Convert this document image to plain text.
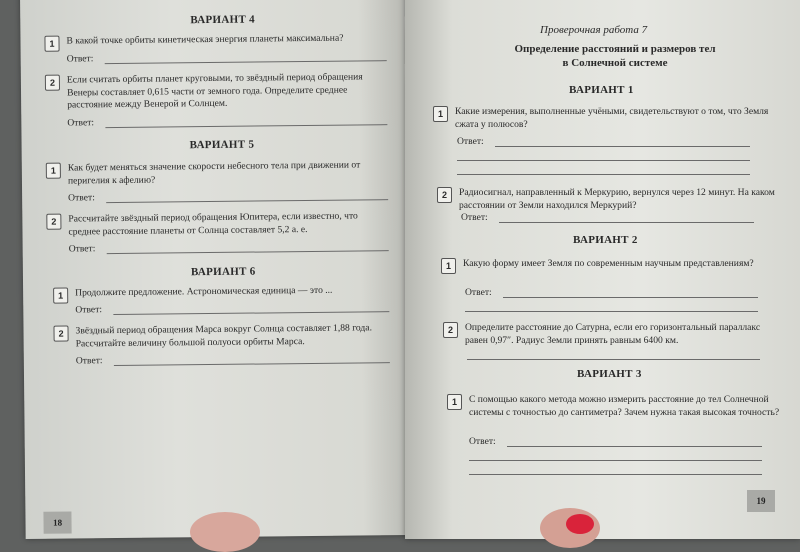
ВАРИАНТ 4
1	В какой точке орбиты кинетическая энергия планеты максимальна?
Ответ:
2	Если считать орбиты планет круговыми, то звёздный период обращения Венеры составляет 0,615 части от земного года. Определите среднее расстояние между Венерой и Солнцем.
Ответ:
ВАРИАНТ 5
1	Как будет меняться значение скорости небесного тела при движении от перигелия к афелию?
Ответ:
2	Рассчитайте звёздный период обращения Юпитера, если известно, что среднее расстояние планеты от Солнца составляет 5,2 а. е.
Ответ:
ВАРИАНТ 6
1	Продолжите предложение. Астрономическая единица — это ...
Ответ:
2	Звёздный период обращения Марса вокруг Солнца составляет 1,88 года. Рассчитайте величину большой полуоси орбиты Марса.
Ответ:
18
Проверочная работа 7
Определение расстояний и размеров тел
в Солнечной системе
ВАРИАНТ 1
1	Какие измерения, выполненные учёными, свидетельствуют о том, что Земля сжата у полюсов?
Ответ:
2	Радиосигнал, направленный к Меркурию, вернулся через 12 минут. На каком расстоянии от Земли находился Меркурий?
Ответ:
ВАРИАНТ 2
1	Какую форму имеет Земля по современным научным представлениям?
Ответ:
2	Определите расстояние до Сатурна, если его горизонтальный параллакс равен 0,97″. Радиус Земли принять равным 6400 км.
ВАРИАНТ 3
1	С помощью какого метода можно измерить расстояние до тел Солнечной системы с точностью до сантиметра? Зачем нужна такая высокая точность?
Ответ:
19
